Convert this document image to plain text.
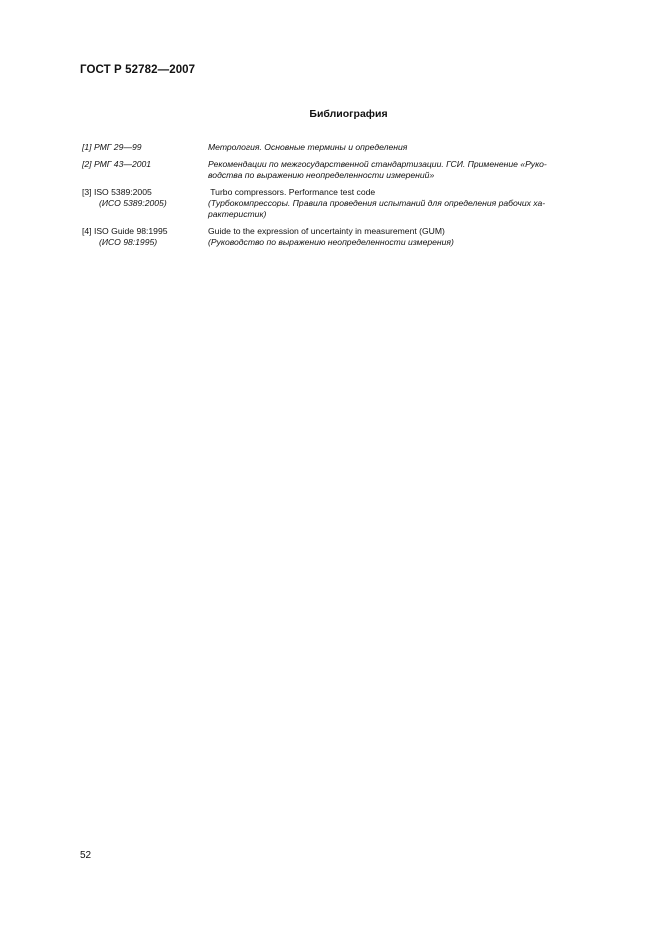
ГОСТ Р 52782—2007
Библиография
[1] РМГ 29—99	Метрология. Основные термины и определения
[2] РМГ 43—2001	Рекомендации по межгосударственной стандартизации. ГСИ. Применение «Руко-
водства по выражению неопределенности измерений»
[3] ISO 5389:2005
(ИСО 5389:2005)
Turbo compressors. Performance test code
(Турбокомпрессоры. Правила проведения испытаний для определения рабочих ха-
рактеристик)
[4] ISO Guide 98:1995
(ИСО 98:1995)
Guide to the expression of uncertainty in measurement (GUM)
(Руководство по выражению неопределенности измерения)
52
